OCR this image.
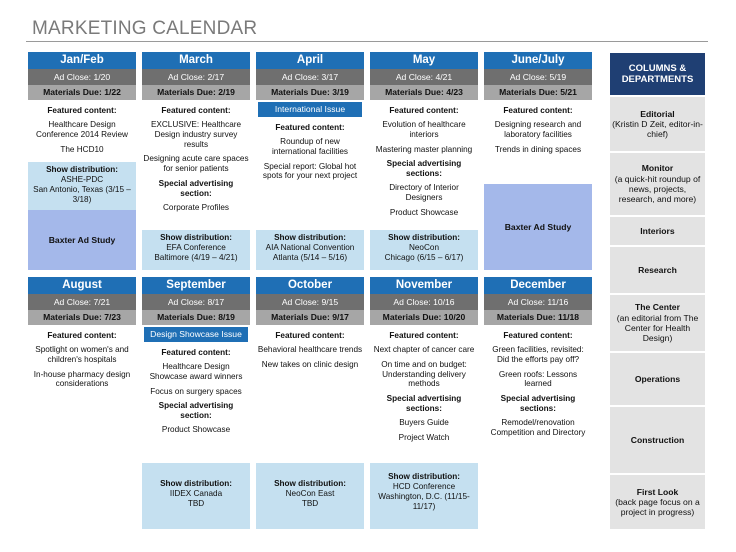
MARKETING CALENDAR
Jan/Feb
Ad Close: 1/20
Materials Due: 1/22

Featured content:

Healthcare Design Conference 2014 Review

The HCD10

Show distribution:
ASHE-PDC
San Antonio, Texas (3/15 – 3/18)
Baxter Ad Study
March
Ad Close: 2/17
Materials Due: 2/19

Featured content:

EXCLUSIVE: Healthcare Design industry survey results

Designing acute care spaces for senior patients

Special advertising section:

Corporate Profiles

Show distribution:
EFA Conference
Baltimore (4/19 – 4/21)
April
Ad Close: 3/17
Materials Due: 3/19
International Issue

Featured content:

Roundup of new international facilities

Special report: Global hot spots for your next project

Show distribution:
AIA National Convention
Atlanta (5/14 – 5/16)
May
Ad Close: 4/21
Materials Due: 4/23

Featured content:

Evolution of healthcare interiors

Mastering master planning

Special advertising sections:

Directory of Interior Designers

Product Showcase

Show distribution:
NeoCon
Chicago (6/15 – 6/17)
June/July
Ad Close: 5/19
Materials Due: 5/21

Featured content:

Designing research and laboratory facilities

Trends in dining spaces

Baxter Ad Study
August
Ad Close: 7/21
Materials Due: 7/23

Featured content:

Spotlight on women's and children's hospitals

In-house pharmacy design considerations

September
Ad Close: 8/17
Materials Due: 8/19
Design Showcase Issue

Featured content:

Healthcare Design Showcase award winners

Focus on surgery spaces

Special advertising section:

Product Showcase

Show distribution:
IIDEX Canada
TBD
October
Ad Close: 9/15
Materials Due: 9/17

Featured content:

Behavioral healthcare trends

New takes on clinic design

Show distribution:
NeoCon East
TBD
November
Ad Close: 10/16
Materials Due: 10/20

Featured content:

Next chapter of cancer care

On time and on budget: Understanding delivery methods

Special advertising sections:

Buyers Guide

Project Watch

Show distribution:
HCD Conference
Washington, D.C. (11/15-11/17)
December
Ad Close: 11/16
Materials Due: 11/18

Featured content:

Green facilities, revisited: Did the efforts pay off?

Green roofs: Lessons learned

Special advertising sections:

Remodel/renovation Competition and Directory

COLUMNS &
DEPARTMENTS
Editorial
(Kristin D Zeit, editor-in-chief)
Monitor
(a quick-hit roundup of news, projects, research, and more)
Interiors
Research
The Center
(an editorial from The Center for Health Design)
Operations
Construction
First Look
(back page focus on a project in progress)
